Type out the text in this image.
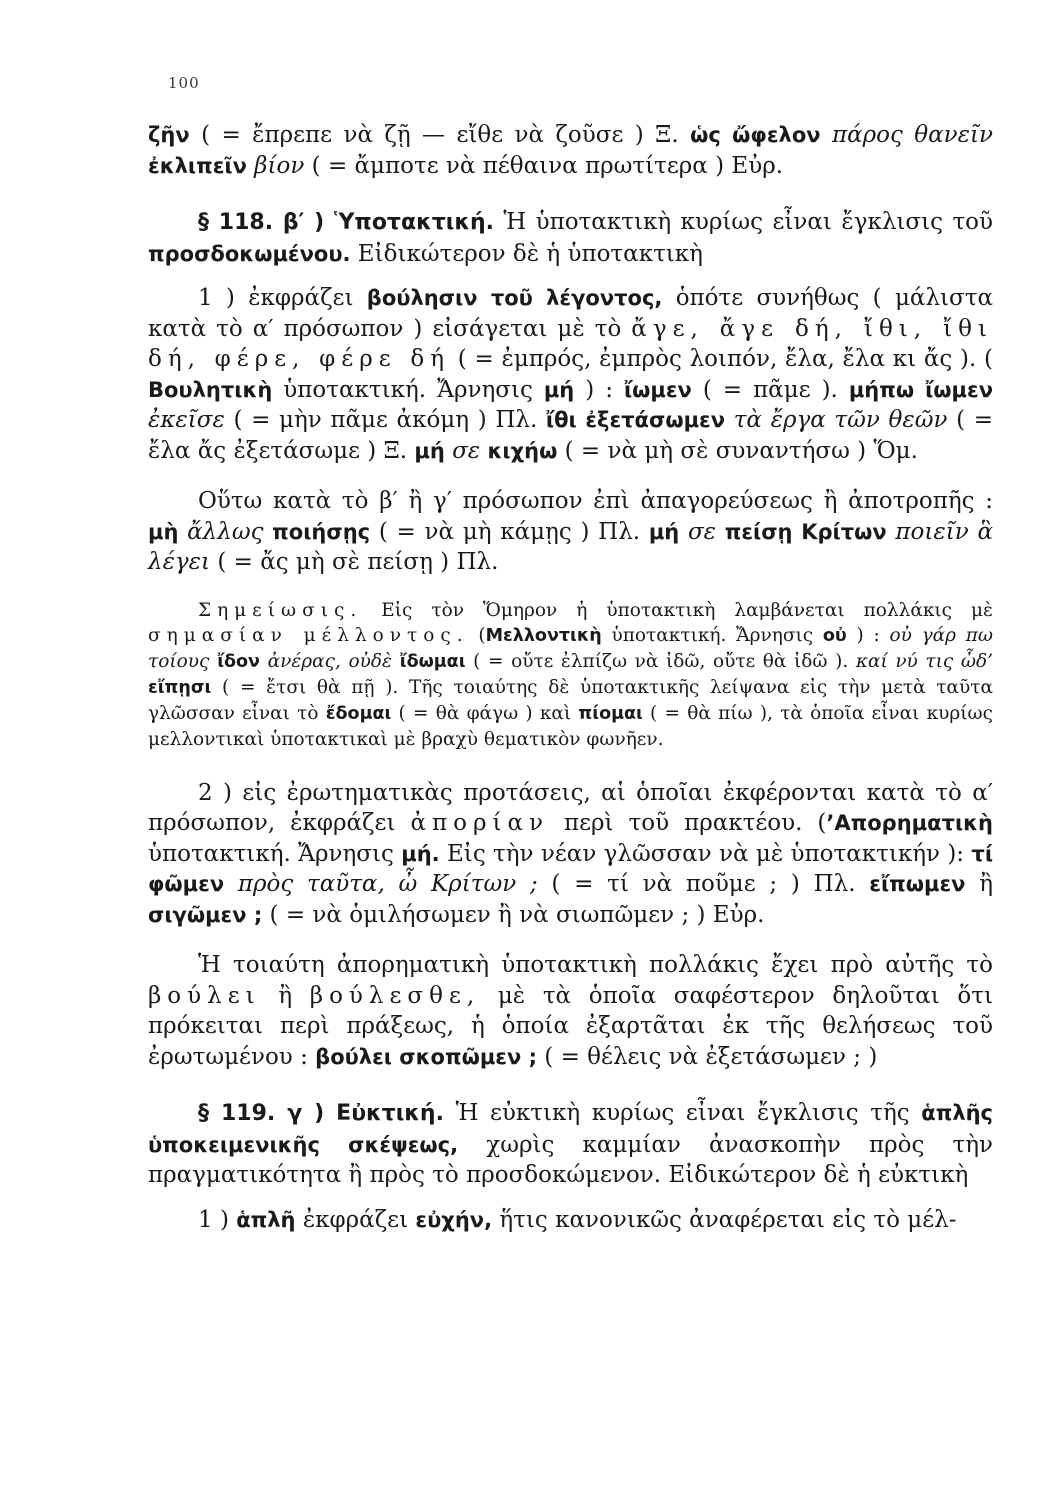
100

ζῆν ( = ἔπρεπε νὰ ζῇ — εἴθε νὰ ζοῦσε ) Ξ. ὡς ὤφελον πάρος θανεῖν ἐκλιπεῖν βίον ( = ἄμποτε νὰ πέθαινα πρωτίτερα ) Εὐρ.

§ 118. β′ ) Ὑποτακτική. Ἡ ὑποτακτικὴ κυρίως εἶναι ἔγκλισις τοῦ προσδοκωμένου. Εἰδικώτερον δὲ ἡ ὑποτακτικὴ

1 ) ἐκφράζει βούλησιν τοῦ λέγοντος, ὁπότε συνήθως ( μάλιστα κατὰ τὸ α′ πρόσωπον ) εἰσάγεται μὲ τὸ ἄγε, ἄγε δή, ἴθι, ἴθι δή, φέρε, φέρε δή ( = ἐμπρός, ἐμπρὸς λοιπόν, ἔλα, ἔλα κι ἄς ). ( Βουλητικὴ ὑποτακτική. Ἄρνησις μή ) : ἴωμεν ( = πᾶμε ). μήπω ἴωμεν ἐκεῖσε ( = μὴν πᾶμε ἀκόμη ) Πλ. ἴθι ἐξετάσωμεν τὰ ἔργα τῶν θεῶν ( = ἔλα ἄς ἐξετάσωμε ) Ξ. μή σε κιχήω ( = νὰ μὴ σὲ συναντήσω ) Ὅμ.

Οὕτω κατὰ τὸ β′ ἢ γ′ πρόσωπον ἐπὶ ἀπαγορεύσεως ἢ ἀποτροπῆς : μὴ ἄλλως ποιήσῃς ( = νὰ μὴ κάμῃς ) Πλ. μή σε πείσῃ Κρίτων ποιεῖν ἃ λέγει ( = ἄς μὴ σὲ πείσῃ ) Πλ.

Σημείωσις. Εἰς τὸν Ὅμηρον ἡ ὑποτακτικὴ λαμβάνεται πολλάκις μὲ σημασίαν μέλλοντος. (Μελλοντικὴ ὑποτακτική. Ἄρνησις οὐ ) : οὐ γάρ πω τοίους ἴδον ἀνέρας, οὐδὲ ἴδωμαι ( = οὔτε ἐλπίζω νὰ ἰδῶ, οὔτε θὰ ἰδῶ ). καί νύ τις ὧδ’ εἴπῃσι ( = ἔτσι θὰ πῇ ). Τῆς τοιαύτης δὲ ὑποτακτικῆς λείψανα εἰς τὴν μετὰ ταῦτα γλῶσσαν εἶναι τὸ ἔδομαι ( = θὰ φάγω ) καὶ πίομαι ( = θὰ πίω ), τὰ ὁποῖα εἶναι κυρίως μελλοντικαὶ ὑποτακτικαὶ μὲ βραχὺ θεματικὸν φωνῆεν.

2 ) εἰς ἐρωτηματικὰς προτάσεις, αἱ ὁποῖαι ἐκφέρονται κατὰ τὸ α′ πρόσωπον, ἐκφράζει ἀπορίαν περὶ τοῦ πρακτέου. (’Απορηματικὴ ὑποτακτική. Ἄρνησις μή. Εἰς τὴν νέαν γλῶσσαν νὰ μὲ ὑποτακτικήν ): τί φῶμεν πρὸς ταῦτα, ὦ Κρίτων ; ( = τί νὰ ποῦμε ; ) Πλ. εἴπωμεν ἢ σιγῶμεν ; ( = νὰ ὁμιλήσωμεν ἢ νὰ σιωπῶμεν ; ) Εὐρ.

Ἡ τοιαύτη ἀπορηματικὴ ὑποτακτικὴ πολλάκις ἔχει πρὸ αὐτῆς τὸ βούλει ἢ βούλεσθε, μὲ τὰ ὁποῖα σαφέστερον δηλοῦται ὅτι πρόκειται περὶ πράξεως, ἡ ὁποία ἐξαρτᾶται ἐκ τῆς θελήσεως τοῦ ἐρωτωμένου : βούλει σκοπῶμεν ; ( = θέλεις νὰ ἐξετάσωμεν ; )

§ 119. γ ) Εὐκτική. Ἡ εὐκτικὴ κυρίως εἶναι ἔγκλισις τῆς ἁπλῆς ὑποκειμενικῆς σκέψεως, χωρὶς καμμίαν ἀνασκοπὴν πρὸς τὴν πραγματικότητα ἢ πρὸς τὸ προσδοκώμενον. Εἰδικώτερον δὲ ἡ εὐκτικὴ

1 ) ἁπλῆ ἐκφράζει εὐχήν, ἥτις κανονικῶς ἀναφέρεται εἰς τὸ μέλ-
